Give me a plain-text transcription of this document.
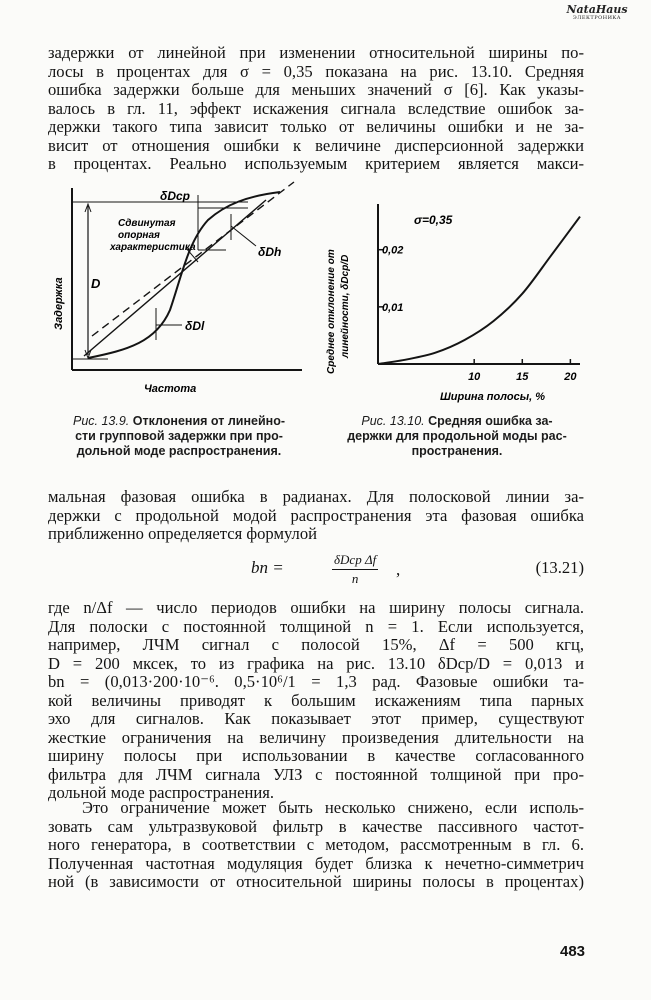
NataHaus
ЭЛЕКТРОНИКА
задержки от линейной при изменении относительной ширины по-
лосы в процентах для σ = 0,35 показана на рис. 13.10. Средняя
ошибка задержки больше для меньших значений σ [6]. Как указы-
валось в гл. 11, эффект искажения сигнала вследствие ошибок за-
держки такого типа зависит только от величины ошибки и не за-
висит от отношения ошибки к величине дисперсионной задержки
в процентах. Реально используемым критерием является макси-
δDcp
δDh
δDl
D
Сдвинутая
опорная
характеристика
Задержка
Частота
Рис. 13.9. Отклонения от линейно-
сти групповой задержки при про-
дольной моде распространения.
0,01
0,02
10	15	20
σ=0,35
Среднее отклонение от линейности, δDcp/D
Ширина полосы, %
Рис. 13.10. Средняя ошибка за-
держки для продольной моды рас-
пространения.
мальная фазовая ошибка в радианах. Для полосковой линии за-
держки с продольной модой распространения эта фазовая ошибка
приближенно определяется формулой
bn =	δDcp Δf
n	,	(13.21)
где n/Δf — число периодов ошибки на ширину полосы сигнала.
Для полоски с постоянной толщиной n = 1. Если используется,
например, ЛЧМ сигнал с полосой 15%, Δf = 500 кгц,
D = 200 мксек, то из графика на рис. 13.10 δDcp/D = 0,013 и
bn = (0,013·200·10⁻⁶. 0,5·10⁶/1 = 1,3 рад. Фазовые ошибки та-
кой величины приводят к большим искажениям типа парных
эхо для сигналов. Как показывает этот пример, существуют
жесткие ограничения на величину произведения длительности на
ширину полосы при использовании в качестве согласованного
фильтра для ЛЧМ сигнала УЛЗ с постоянной толщиной при про-
дольной моде распространения.
Это ограничение может быть несколько снижено, если исполь-
зовать сам ультразвуковой фильтр в качестве пассивного частот-
ного генератора, в соответствии с методом, рассмотренным в гл. 6.
Полученная частотная модуляция будет близка к нечетно-симметрич
ной (в зависимости от относительной ширины полосы в процентах)
483
